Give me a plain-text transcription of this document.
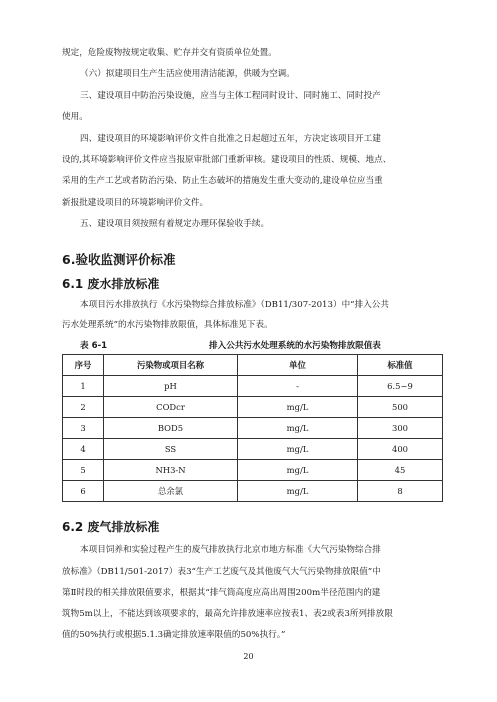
规定，危险废物按规定收集、贮存并交有资质单位处置。

（六）拟建项目生产生活应使用清洁能源，供暖为空调。

三、建设项目中防治污染设施，应当与主体工程同时设计、同时施工、同时投产

使用。

四、建设项目的环境影响评价文件自批准之日起超过五年，方决定该项目开工建

设的,其环境影响评价文件应当报原审批部门重新审核。建设项目的性质、规模、地点、

采用的生产工艺或者防治污染、防止生态破坏的措施发生重大变动的,建设单位应当重

新报批建设项目的环境影响评价文件。

五、建设项目须按照有着规定办理环保验收手续。

6.验收监测评价标准
6.1 废水排放标准

本项目污水排放执行《水污染物综合排放标准》（DB11/307-2013）中“排入公共

污水处理系统”的水污染物排放限值，具体标准见下表。

表 6-1	排入公共污水处理系统的水污染物排放限值表
序号	污染物或项目名称	单位	标准值
1	pH	-	6.5~9
2	CODcr	mg/L	500
3	BOD5	mg/L	300
4	SS	mg/L	400
5	NH3-N	mg/L	45
6	总余氯	mg/L	8
6.2 废气排放标准

本项目饲养和实验过程产生的废气排放执行北京市地方标准《大气污染物综合排

放标准》（DB11/501-2017）表3“生产工艺废气及其他废气大气污染物排放限值”中

第Ⅱ时段的相关排放限值要求，根据其“排气筒高度应高出周围200m半径范围内的建

筑物5m以上，不能达到该项要求的，最高允许排放速率应按表1、表2或表3所列排放限

值的50%执行或根据5.1.3确定排放速率限值的50%执行。”

20
